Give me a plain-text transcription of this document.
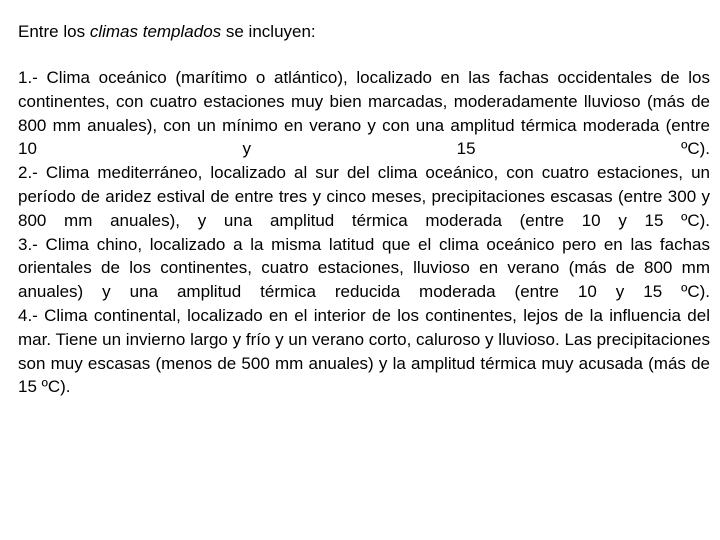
Entre los climas templados se incluyen:

1.- Clima oceánico (marítimo o atlántico), localizado en las fachas occidentales de los continentes, con cuatro estaciones muy bien marcadas, moderadamente lluvioso (más de 800 mm anuales), con un mínimo en verano y con una amplitud térmica moderada (entre 10 y 15 ºC).
2.- Clima mediterráneo, localizado al sur del clima oceánico, con cuatro estaciones, un período de aridez estival de entre tres y cinco meses, precipitaciones escasas (entre 300 y 800 mm anuales), y una amplitud térmica moderada (entre 10 y 15 ºC).
3.- Clima chino, localizado a la misma latitud que el clima oceánico pero en las fachas orientales de los continentes, cuatro estaciones, lluvioso en verano (más de 800 mm anuales) y una amplitud térmica reducida moderada (entre 10 y 15 ºC).
4.- Clima continental, localizado en el interior de los continentes, lejos de la influencia del mar. Tiene un invierno largo y frío y un verano corto, caluroso y lluvioso. Las precipitaciones son muy escasas (menos de 500 mm anuales) y la amplitud térmica muy acusada (más de 15 ºC).
